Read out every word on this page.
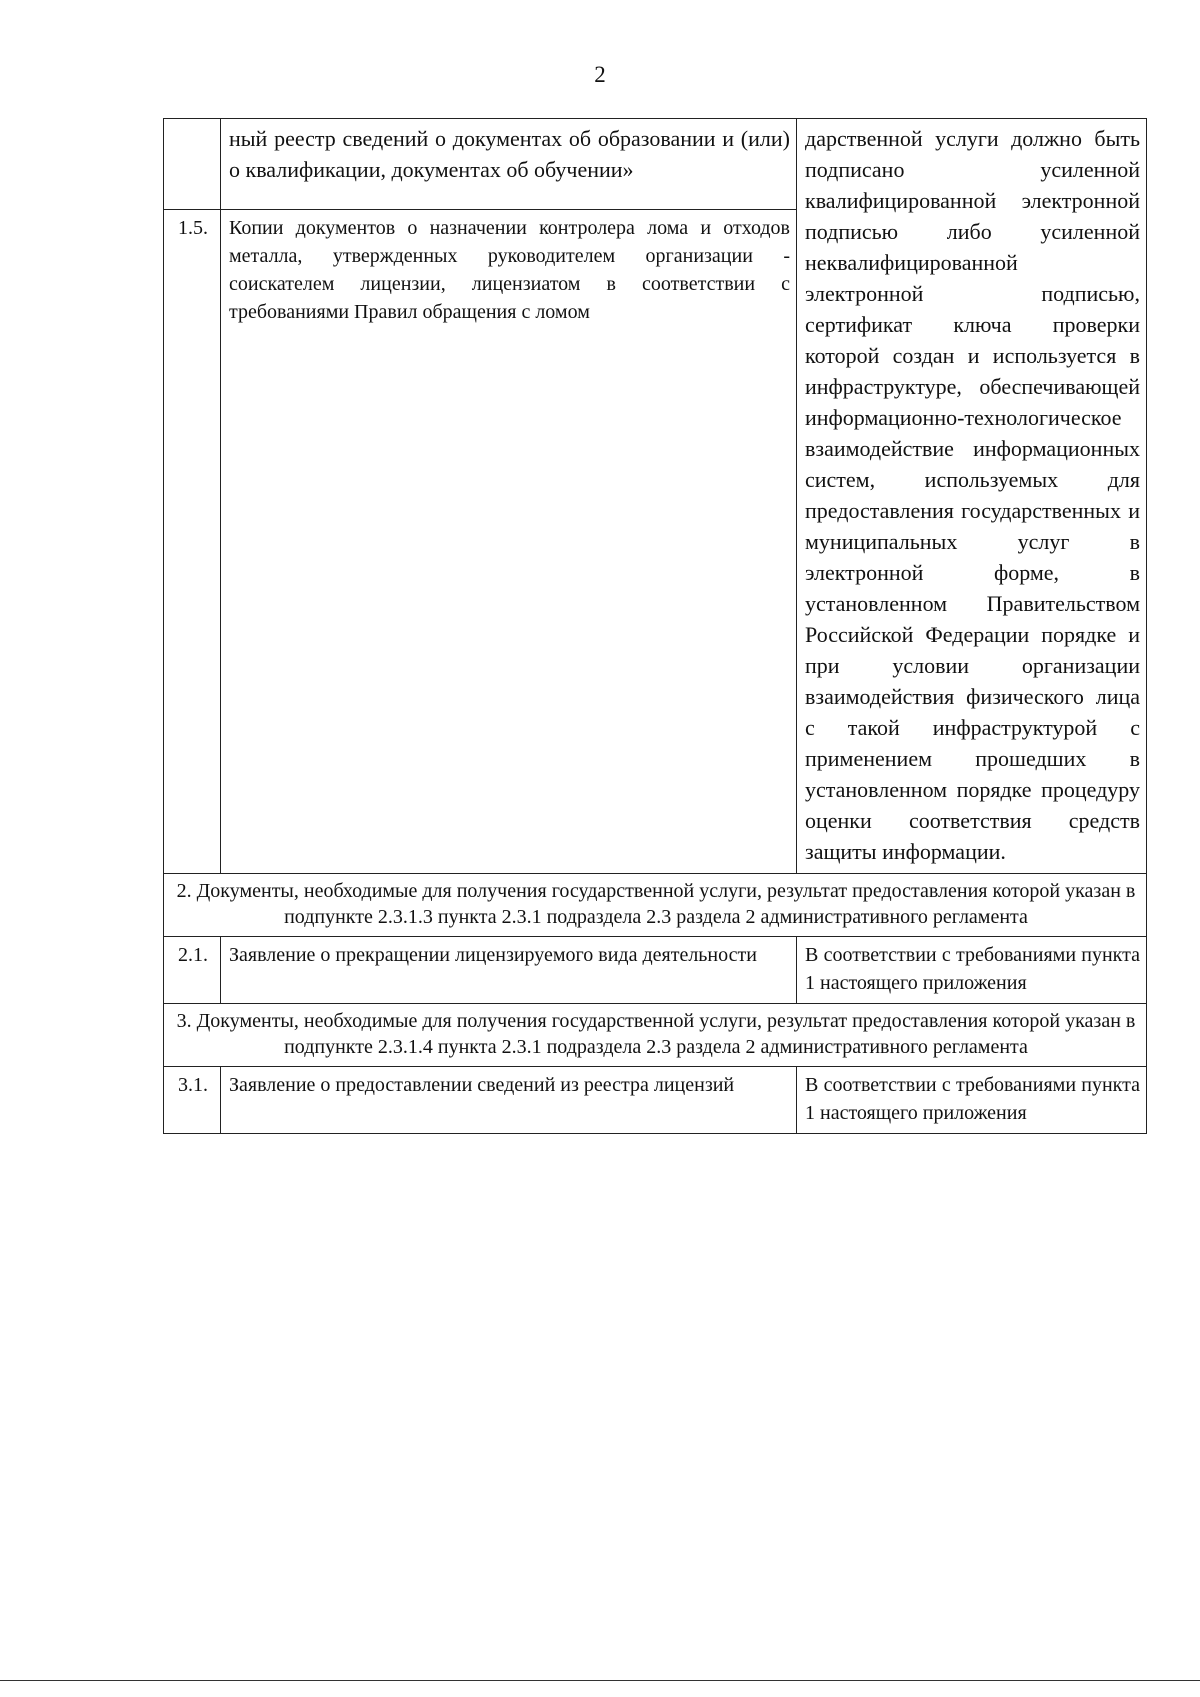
2
	ный реестр сведений о документах об образовании и (или) о квалификации, документах об обучении»	дарственной услуги должно быть подписано усиленной квалифицированной электронной подписью либо усиленной неквалифицированной электронной подписью, сертификат ключа проверки которой создан и используется в инфраструктуре, обеспечивающей информационно-технологическое взаимодействие информационных систем, используемых для предоставления государственных и муниципальных услуг в электронной форме, в установленном Правительством Российской Федерации порядке и при условии организации взаимодействия физического лица с такой инфраструктурой с применением прошедших в установленном порядке процедуру оценки соответствия средств защиты информации.
1.5.	Копии документов о назначении контролера лома и отходов металла, утвержденных руководителем организации - соискателем лицензии, лицензиатом в соответствии с требованиями Правил обращения с ломом	
2. Документы, необходимые для получения государственной услуги, результат предоставления которой указан в подпункте 2.3.1.3 пункта 2.3.1 подраздела 2.3 раздела 2 административного регламента		
2.1.	Заявление о прекращении лицензируемого вида деятельности	В соответствии с требованиями пункта 1 настоящего приложения
3. Документы, необходимые для получения государственной услуги, результат предоставления которой указан в подпункте 2.3.1.4 пункта 2.3.1 подраздела 2.3 раздела 2 административного регламента		
3.1.	Заявление о предоставлении сведений из реестра лицензий	В соответствии с требованиями пункта 1 настоящего приложения
